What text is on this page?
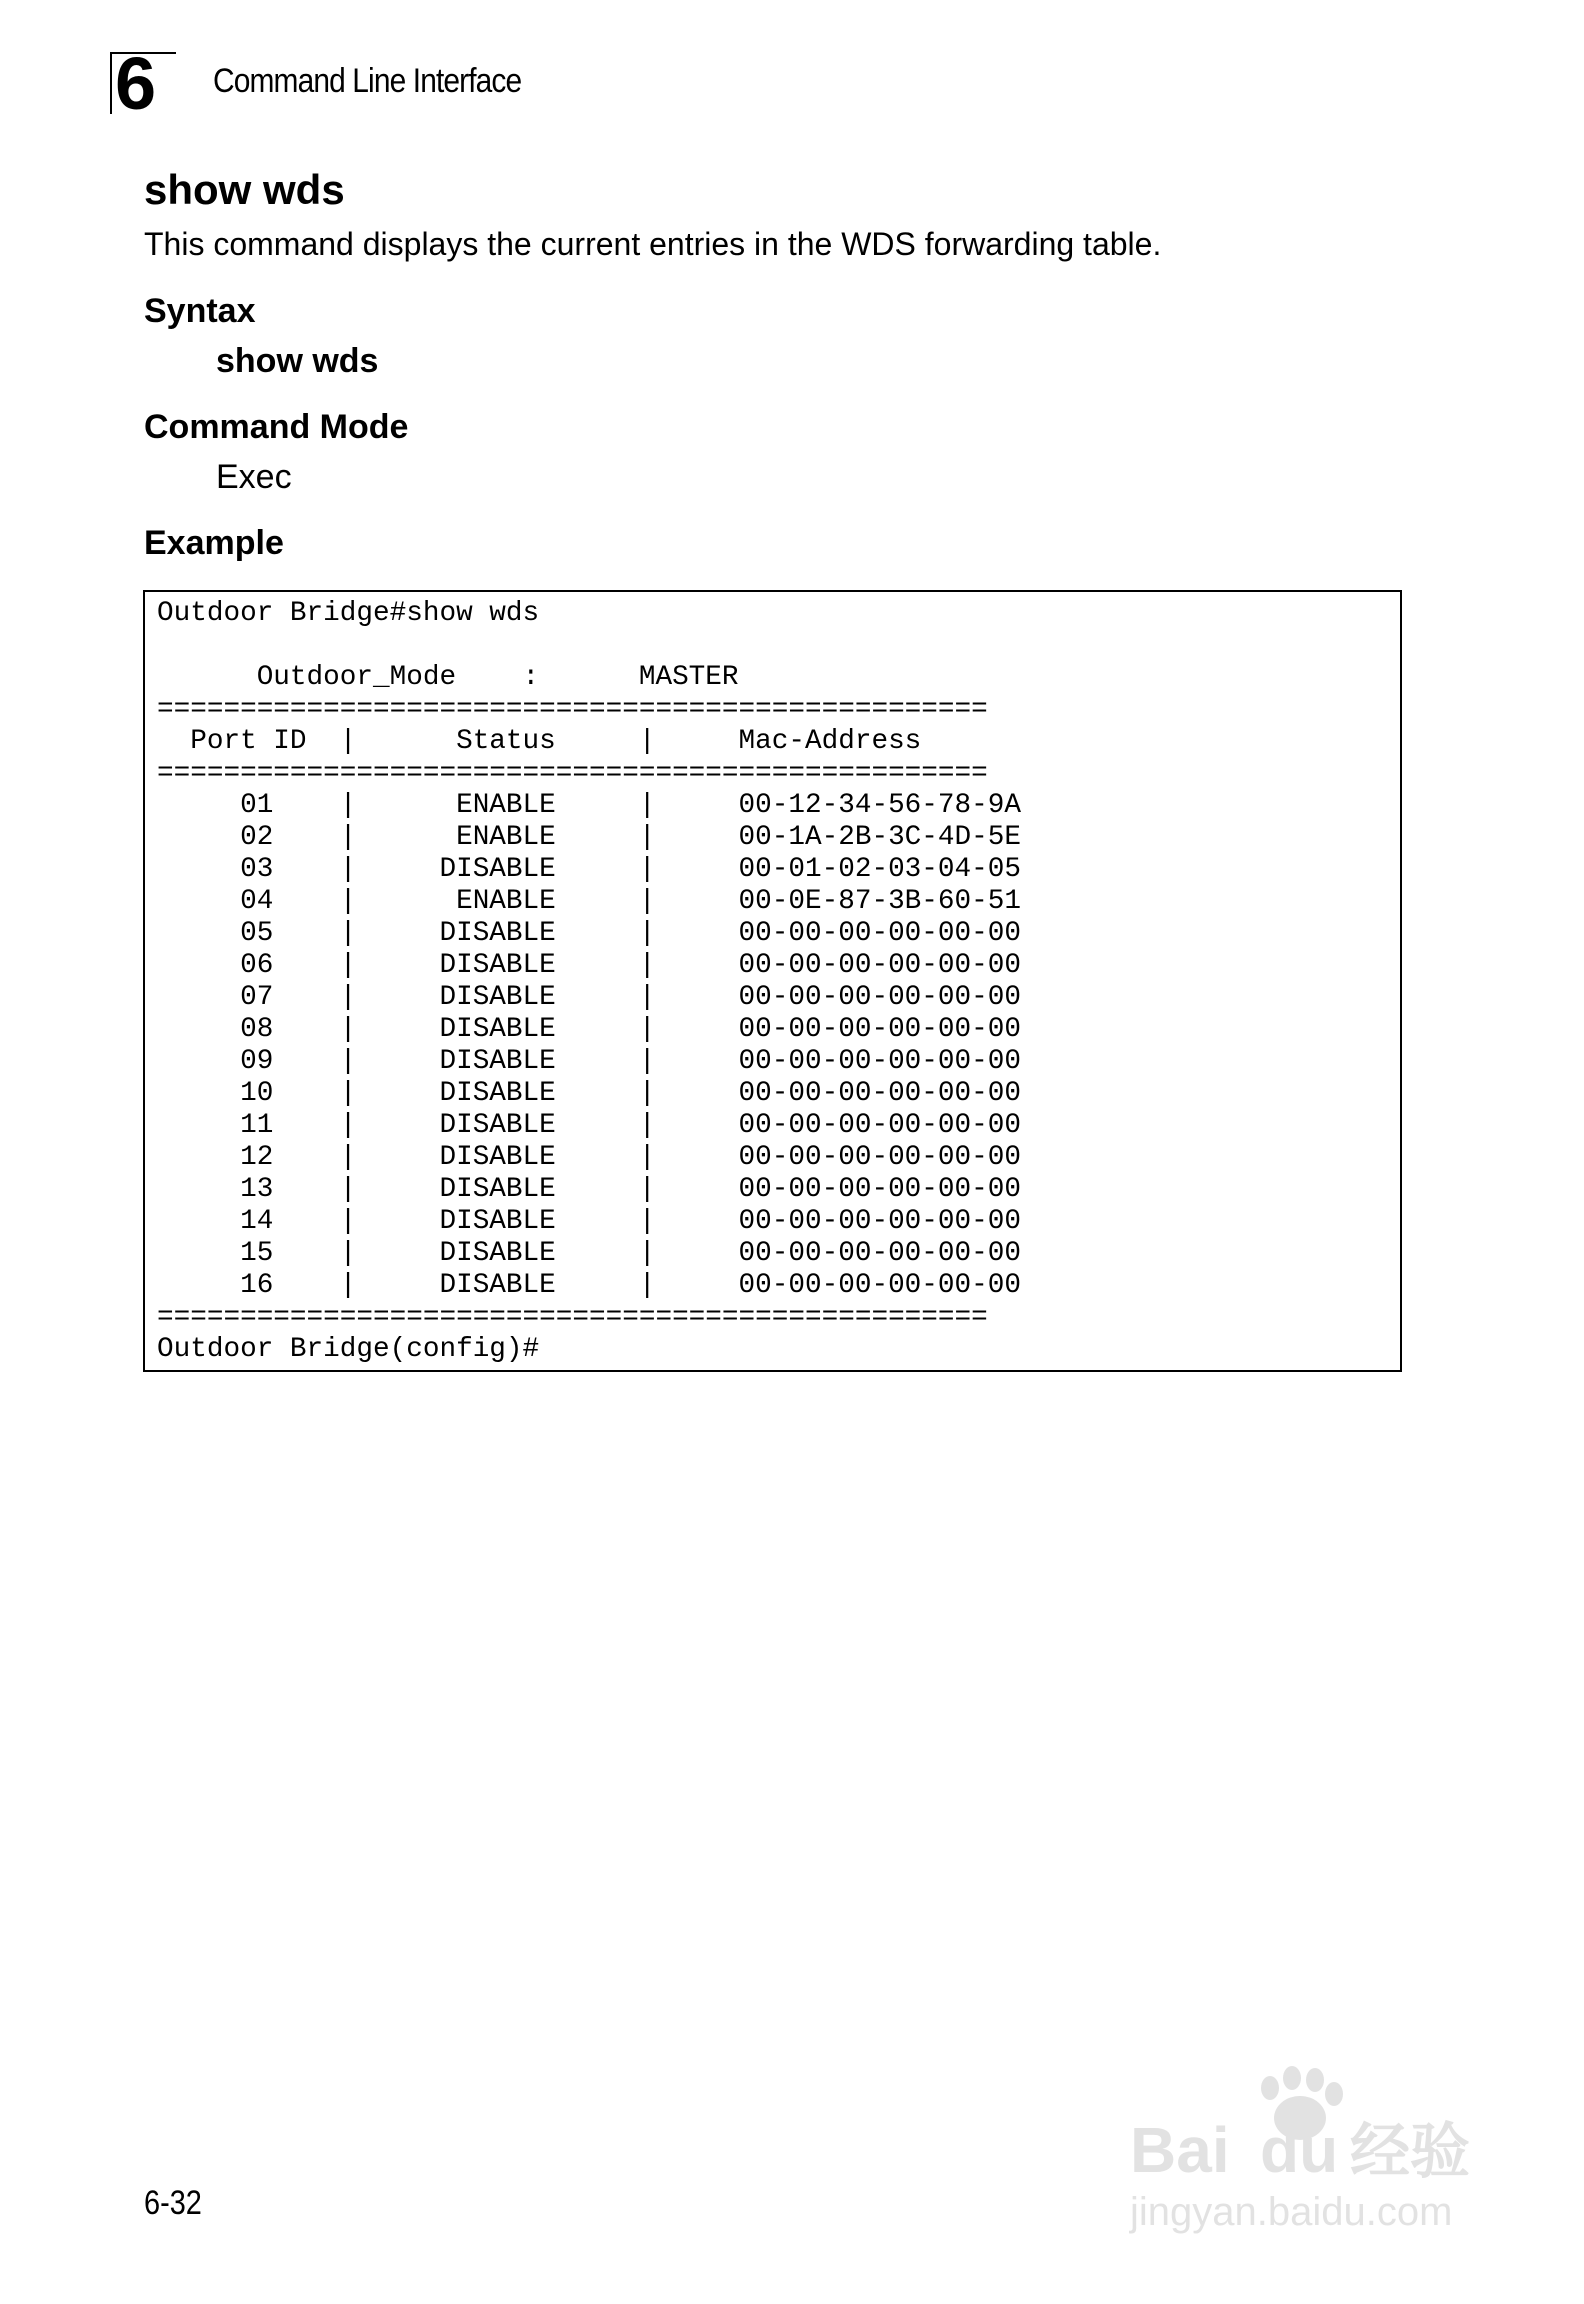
6 Command Line Interface
show wds
This command displays the current entries in the WDS forwarding table.
Syntax
show wds
Command Mode
Exec
Example
Outdoor Bridge#show wds

Outdoor_Mode    :      MASTER
==================================================
Port ID  |      Status     |     Mac-Address
==================================================
01    |      ENABLE     |     00-12-34-56-78-9A
02    |      ENABLE     |     00-1A-2B-3C-4D-5E
03    |     DISABLE     |     00-01-02-03-04-05
04    |      ENABLE     |     00-0E-87-3B-60-51
05    |     DISABLE     |     00-00-00-00-00-00
06    |     DISABLE     |     00-00-00-00-00-00
07    |     DISABLE     |     00-00-00-00-00-00
08    |     DISABLE     |     00-00-00-00-00-00
09    |     DISABLE     |     00-00-00-00-00-00
10    |     DISABLE     |     00-00-00-00-00-00
11    |     DISABLE     |     00-00-00-00-00-00
12    |     DISABLE     |     00-00-00-00-00-00
13    |     DISABLE     |     00-00-00-00-00-00
14    |     DISABLE     |     00-00-00-00-00-00
15    |     DISABLE     |     00-00-00-00-00-00
16    |     DISABLE     |     00-00-00-00-00-00
==================================================
Outdoor Bridge(config)#

6-32
Bai du 经验
jingyan.baidu.com
